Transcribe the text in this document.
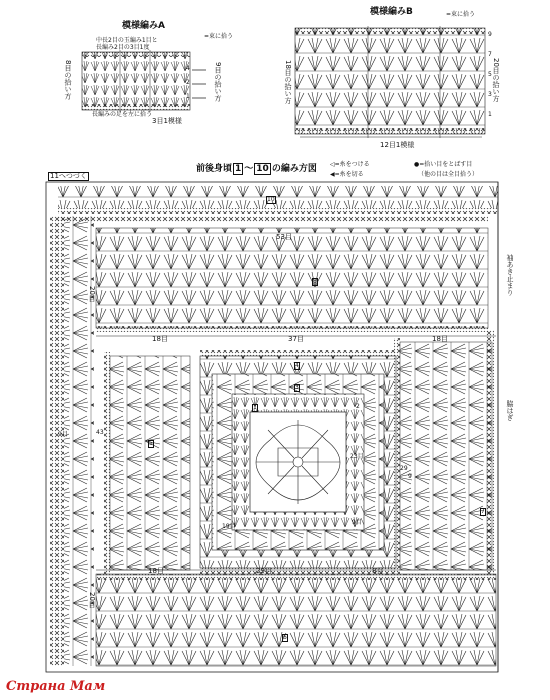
模様編みA
中長2目の玉編み1目と
長編み2目の3目1度
=束に拾う
8目の拾い方	9目の拾い方
長編みの足を左に拾う
3目1模様
4
2
1
模様編みB	=束に拾う
18目の拾い方	20目の拾い方
12目1模様
9
7
5
3
1
前後身頃 1 〜 10 の編み方図 ◁=糸をつける
◀=糸を切る
●=拾い目をとばす目
（他の目は全目拾う）
11へつづく
袖あき止まり
脇はぎ
10
53目
8
20目
18目	37目	18目
4
3
1	2
5
9目	43
23目
29
9
7
19目
9目
18目	29目	8目
20目
6
Страна Мам
